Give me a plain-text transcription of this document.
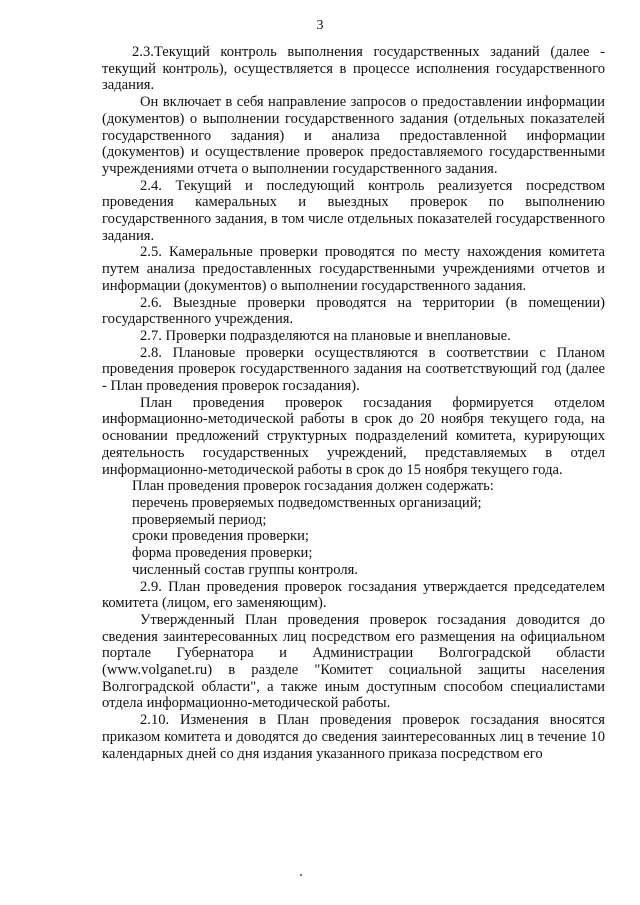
3

2.3.Текущий контроль выполнения государственных заданий (далее - текущий контроль), осуществляется в процессе исполнения государственного задания.

Он включает в себя направление запросов о предоставлении информации (документов) о выполнении государственного задания (отдельных показателей государственного задания) и анализа предоставленной информации (документов) и осуществление проверок предоставляемого государственными учреждениями отчета о выполнении государственного задания.

2.4. Текущий и последующий контроль реализуется посредством проведения камеральных и выездных проверок по выполнению государственного задания, в том числе отдельных показателей государственного задания.

2.5. Камеральные проверки проводятся по месту нахождения комитета путем анализа предоставленных государственными учреждениями отчетов и информации (документов) о выполнении государственного задания.

2.6. Выездные проверки проводятся на территории (в помещении) государственного учреждения.

2.7. Проверки подразделяются на плановые и внеплановые.

2.8. Плановые проверки осуществляются в соответствии с Планом проведения проверок государственного задания на соответствующий год (далее - План проведения проверок госзадания).

План проведения проверок госзадания формируется отделом информационно-методической работы в срок до 20 ноября текущего года, на основании предложений структурных подразделений комитета, курирующих деятельность государственных учреждений, представляемых в отдел информационно-методической работы в срок до 15 ноября текущего года.

План проведения проверок госзадания должен содержать:

перечень проверяемых подведомственных организаций;

проверяемый период;

сроки проведения проверки;

форма проведения проверки;

численный состав группы контроля.

2.9. План проведения проверок госзадания утверждается председателем комитета (лицом, его заменяющим).

Утвержденный План проведения проверок госзадания доводится до сведения заинтересованных лиц посредством его размещения на официальном портале Губернатора и Администрации Волгоградской области (www.volganet.ru) в разделе "Комитет социальной защиты населения Волгоградской области", а также иным доступным способом специалистами отдела информационно-методической работы.

2.10. Изменения в План проведения проверок госзадания вносятся приказом комитета и доводятся до сведения заинтересованных лиц в течение 10 календарных дней со дня издания указанного приказа посредством его
